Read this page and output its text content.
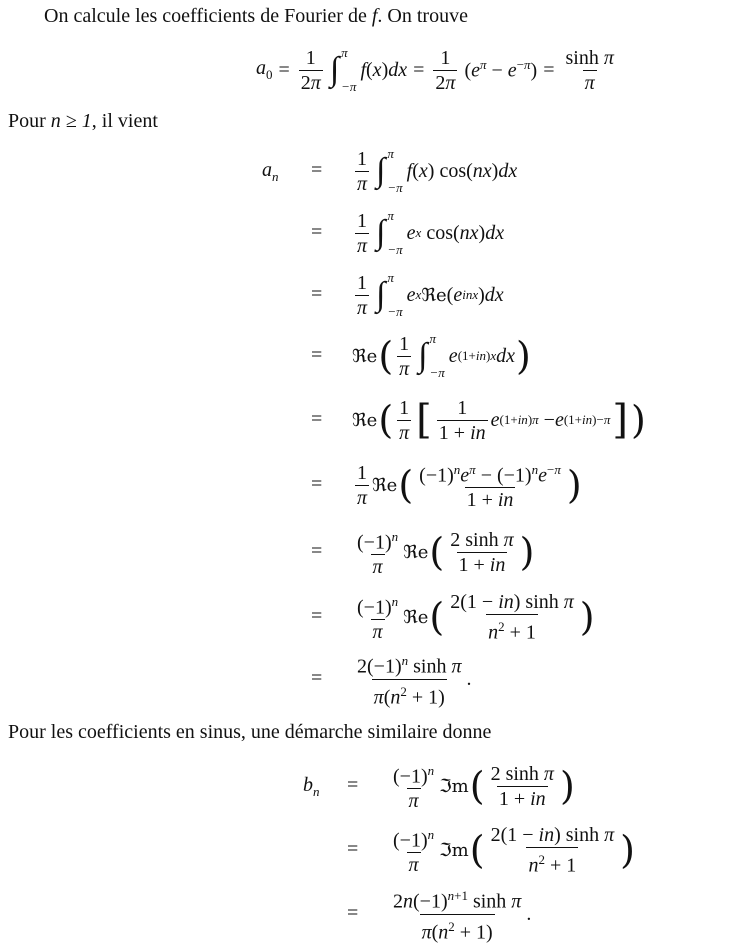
On calcule les coefficients de Fourier de f. On trouve
$a_0 = \frac{1}{2\pi}$ ∫ π
−π
f ( x ) dx = $\frac{1}{2\pi} (e^\pi - e^{-\pi}) = \frac{\text{sinh π}}{\pi}$
Pour n ≥ 1, il vient
$a_n$ =
=
=
=
=
=
=
=
=
$\frac{1}{\pi}$ ∫ π
−π
f ( x ) cos( nx ) dx
$\frac{1}{\pi}$ ∫ π
−π
e x cos( nx ) dx
$\frac{1}{\pi}$ ∫ π
−π
e x ℜe ( e inx ) dx
ℜe ( $\frac{1}{\pi}$ ∫ π
−π
e (1+in)x dx )
ℜe ( $\frac{1}{\pi}$ [ $\frac{1}{1 + in}$ e (1+in)π − e (1+in)−π ] )
$\frac{1}{\pi}$ ℜe ( $\frac{(-1)^ne^\pi - (-1)^ne^{-\pi}}{1 + in}$ )
$\frac{(-1)^n}{\pi}$ ℜe ( $\frac{\text{2 sinh π}}{1 + in}$ )
$\frac{(-1)^n}{\pi}$ ℜe ( $\frac{\text{2(1 − in) sinh π}}{n^2 + 1}$ )
$\frac{2(-1)^n \sinh \pi}{\pi(n^2 + 1)}$ .
Pour les coefficients en sinus, une démarche similaire donne
$b_n$ =
=
=
$\frac{(-1)^n}{\pi}$ ℑm ( $\frac{\text{2 sinh π}}{1 + in}$ )
$\frac{(-1)^n}{\pi}$ ℑm ( $\frac{\text{2(1 − in) sinh π}}{n^2 + 1}$ )
$\frac{2n(-1)^{n+1} \sinh \pi}{\pi(n^2 + 1)}$ .
